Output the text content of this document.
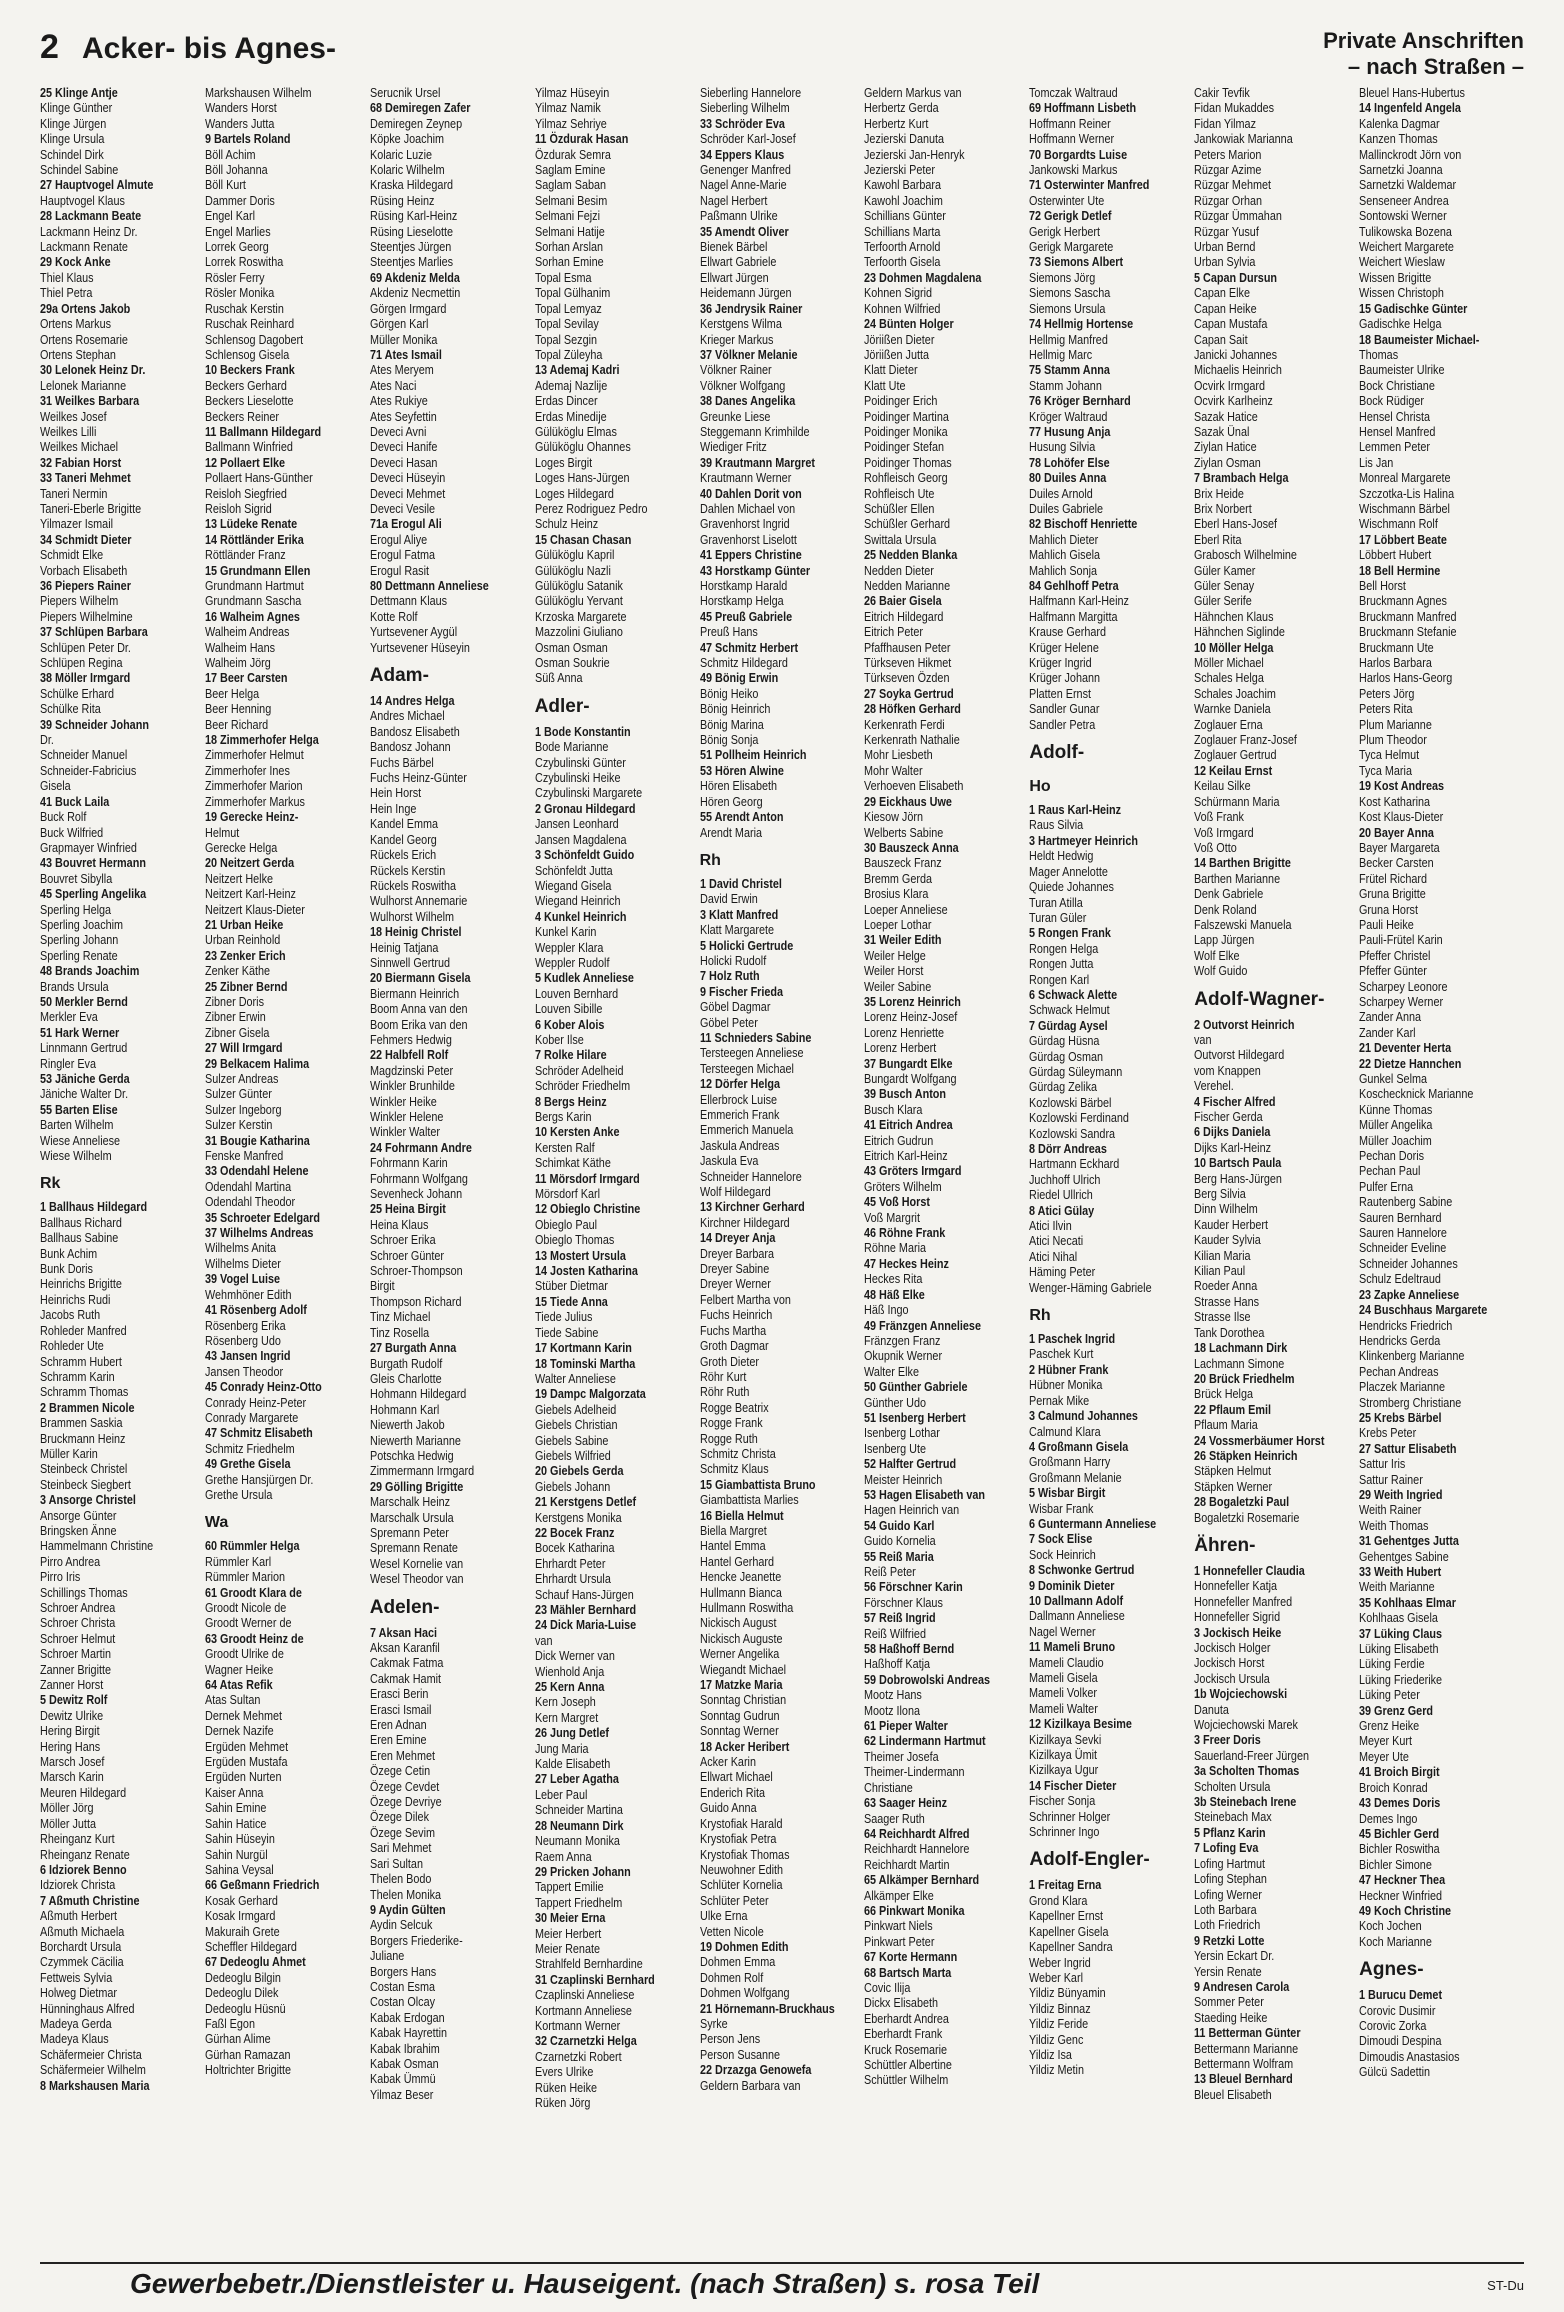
2 Acker- bis Agnes-	Private Anschriften
– nach Straßen –
25 Klinge Antje
Klinge Günther
Klinge Jürgen
Klinge Ursula
Schindel Dirk
Schindel Sabine
27 Hauptvogel Almute
Hauptvogel Klaus
28 Lackmann Beate
Lackmann Heinz Dr.
Lackmann Renate
29 Kock Anke
Thiel Klaus
Thiel Petra
29a Ortens Jakob
Ortens Markus
Ortens Rosemarie
Ortens Stephan
30 Lelonek Heinz Dr.
Lelonek Marianne
31 Weilkes Barbara
Weilkes Josef
Weilkes Lilli
Weilkes Michael
32 Fabian Horst
33 Taneri Mehmet
Taneri Nermin
Taneri-Eberle Brigitte
Yilmazer Ismail
34 Schmidt Dieter
Schmidt Elke
Vorbach Elisabeth
36 Piepers Rainer
Piepers Wilhelm
Piepers Wilhelmine
37 Schlüpen Barbara
Schlüpen Peter Dr.
Schlüpen Regina
38 Möller Irmgard
Schülke Erhard
Schülke Rita
39 Schneider Johann
Dr.
Schneider Manuel
Schneider-Fabricius
Gisela
41 Buck Laila
Buck Rolf
Buck Wilfried
Grapmayer Winfried
43 Bouvret Hermann
Bouvret Sibylla
45 Sperling Angelika
Sperling Helga
Sperling Joachim
Sperling Johann
Sperling Renate
48 Brands Joachim
Brands Ursula
50 Merkler Bernd
Merkler Eva
51 Hark Werner
Linnmann Gertrud
Ringler Eva
53 Jäniche Gerda
Jäniche Walter Dr.
55 Barten Elise
Barten Wilhelm
Wiese Anneliese
Wiese Wilhelm
Rk
1 Ballhaus Hildegard
Ballhaus Richard
Ballhaus Sabine
Bunk Achim
Bunk Doris
Heinrichs Brigitte
Heinrichs Rudi
Jacobs Ruth
Rohleder Manfred
Rohleder Ute
Schramm Hubert
Schramm Karin
Schramm Thomas
2 Brammen Nicole
Brammen Saskia
Bruckmann Heinz
Müller Karin
Steinbeck Christel
Steinbeck Siegbert
3 Ansorge Christel
Ansorge Günter
Bringsken Änne
Hammelmann Christine
Pirro Andrea
Pirro Iris
Schillings Thomas
Schroer Andrea
Schroer Christa
Schroer Helmut
Schroer Martin
Zanner Brigitte
Zanner Horst
5 Dewitz Rolf
Dewitz Ulrike
Hering Birgit
Hering Hans
Marsch Josef
Marsch Karin
Meuren Hildegard
Möller Jörg
Möller Jutta
Rheinganz Kurt
Rheinganz Renate
6 Idziorek Benno
Idziorek Christa
7 Aßmuth Christine
Aßmuth Herbert
Aßmuth Michaela
Borchardt Ursula
Czymmek Cäcilia
Fettweis Sylvia
Holweg Dietmar
Hünninghaus Alfred
Madeya Gerda
Madeya Klaus
Schäfermeier Christa
Schäfermeier Wilhelm
8 Markshausen Maria
Markshausen Wilhelm
Wanders Horst
Wanders Jutta
9 Bartels Roland
Böll Achim
Böll Johanna
Böll Kurt
Dammer Doris
Engel Karl
Engel Marlies
Lorrek Georg
Lorrek Roswitha
Rösler Ferry
Rösler Monika
Ruschak Kerstin
Ruschak Reinhard
Schlensog Dagobert
Schlensog Gisela
10 Beckers Frank
Beckers Gerhard
Beckers Lieselotte
Beckers Reiner
11 Ballmann Hildegard
Ballmann Winfried
12 Pollaert Elke
Pollaert Hans-Günther
Reisloh Siegfried
Reisloh Sigrid
13 Lüdeke Renate
14 Röttländer Erika
Röttländer Franz
15 Grundmann Ellen
Grundmann Hartmut
Grundmann Sascha
16 Walheim Agnes
Walheim Andreas
Walheim Hans
Walheim Jörg
17 Beer Carsten
Beer Helga
Beer Henning
Beer Richard
18 Zimmerhofer Helga
Zimmerhofer Helmut
Zimmerhofer Ines
Zimmerhofer Marion
Zimmerhofer Markus
19 Gerecke Heinz-
Helmut
Gerecke Helga
20 Neitzert Gerda
Neitzert Helke
Neitzert Karl-Heinz
Neitzert Klaus-Dieter
21 Urban Heike
Urban Reinhold
23 Zenker Erich
Zenker Käthe
25 Zibner Bernd
Zibner Doris
Zibner Erwin
Zibner Gisela
27 Will Irmgard
29 Belkacem Halima
Sulzer Andreas
Sulzer Günter
Sulzer Ingeborg
Sulzer Kerstin
31 Bougie Katharina
Fenske Manfred
33 Odendahl Helene
Odendahl Martina
Odendahl Theodor
35 Schroeter Edelgard
37 Wilhelms Andreas
Wilhelms Anita
Wilhelms Dieter
39 Vogel Luise
Wehmhöner Edith
41 Rösenberg Adolf
Rösenberg Erika
Rösenberg Udo
43 Jansen Ingrid
Jansen Theodor
45 Conrady Heinz-Otto
Conrady Heinz-Peter
Conrady Margarete
47 Schmitz Elisabeth
Schmitz Friedhelm
49 Grethe Gisela
Grethe Hansjürgen Dr.
Grethe Ursula
Wa
60 Rümmler Helga
Rümmler Karl
Rümmler Marion
61 Groodt Klara de
Groodt Nicole de
Groodt Werner de
63 Groodt Heinz de
Groodt Ulrike de
Wagner Heike
64 Atas Refik
Atas Sultan
Dernek Mehmet
Dernek Nazife
Ergüden Mehmet
Ergüden Mustafa
Ergüden Nurten
Kaiser Anna
Sahin Emine
Sahin Hatice
Sahin Hüseyin
Sahin Nurgül
Sahina Veysal
66 Geßmann Friedrich
Kosak Gerhard
Kosak Irmgard
Makuraih Grete
Scheffler Hildegard
67 Dedeoglu Ahmet
Dedeoglu Bilgin
Dedeoglu Dilek
Dedeoglu Hüsnü
Faßl Egon
Gürhan Alime
Gürhan Ramazan
Holtrichter Brigitte
Serucnik Ursel
68 Demiregen Zafer
Demiregen Zeynep
Köpke Joachim
Kolaric Luzie
Kolaric Wilhelm
Kraska Hildegard
Rüsing Heinz
Rüsing Karl-Heinz
Rüsing Lieselotte
Steentjes Jürgen
Steentjes Marlies
69 Akdeniz Melda
Akdeniz Necmettin
Görgen Irmgard
Görgen Karl
Müller Monika
71 Ates Ismail
Ates Meryem
Ates Naci
Ates Rukiye
Ates Seyfettin
Deveci Avni
Deveci Hanife
Deveci Hasan
Deveci Hüseyin
Deveci Mehmet
Deveci Vesile
71a Erogul Ali
Erogul Aliye
Erogul Fatma
Erogul Rasit
80 Dettmann Anneliese
Dettmann Klaus
Kotte Rolf
Yurtsevener Aygül
Yurtsevener Hüseyin
Adam-
14 Andres Helga
Andres Michael
Bandosz Elisabeth
Bandosz Johann
Fuchs Bärbel
Fuchs Heinz-Günter
Hein Horst
Hein Inge
Kandel Emma
Kandel Georg
Rückels Erich
Rückels Kerstin
Rückels Roswitha
Wulhorst Annemarie
Wulhorst Wilhelm
18 Heinig Christel
Heinig Tatjana
Sinnwell Gertrud
20 Biermann Gisela
Biermann Heinrich
Boom Anna van den
Boom Erika van den
Fehmers Hedwig
22 Halbfell Rolf
Magdzinski Peter
Winkler Brunhilde
Winkler Heike
Winkler Helene
Winkler Walter
24 Fohrmann Andre
Fohrmann Karin
Fohrmann Wolfgang
Sevenheck Johann
25 Heina Birgit
Heina Klaus
Schroer Erika
Schroer Günter
Schroer-Thompson
Birgit
Thompson Richard
Tinz Michael
Tinz Rosella
27 Burgath Anna
Burgath Rudolf
Gleis Charlotte
Hohmann Hildegard
Hohmann Karl
Niewerth Jakob
Niewerth Marianne
Potschka Hedwig
Zimmermann Irmgard
29 Gölling Brigitte
Marschalk Heinz
Marschalk Ursula
Spremann Peter
Spremann Renate
Wesel Kornelie van
Wesel Theodor van
Adelen-
7 Aksan Haci
Aksan Karanfil
Cakmak Fatma
Cakmak Hamit
Erasci Berin
Erasci Ismail
Eren Adnan
Eren Emine
Eren Mehmet
Özege Cetin
Özege Cevdet
Özege Devriye
Özege Dilek
Özege Sevim
Sari Mehmet
Sari Sultan
Thelen Bodo
Thelen Monika
9 Aydin Gülten
Aydin Selcuk
Borgers Friederike-
Juliane
Borgers Hans
Costan Esma
Costan Olcay
Kabak Erdogan
Kabak Hayrettin
Kabak Ibrahim
Kabak Osman
Kabak Ümmü
Yilmaz Beser
Yilmaz Hüseyin
Yilmaz Namik
Yilmaz Sehriye
11 Özdurak Hasan
Özdurak Semra
Saglam Emine
Saglam Saban
Selmani Besim
Selmani Fejzi
Selmani Hatije
Sorhan Arslan
Sorhan Emine
Topal Esma
Topal Gülhanim
Topal Lemyaz
Topal Sevilay
Topal Sezgin
Topal Züleyha
13 Ademaj Kadri
Ademaj Nazlije
Erdas Dincer
Erdas Minedije
Gülüköglu Elmas
Gülüköglu Ohannes
Loges Birgit
Loges Hans-Jürgen
Loges Hildegard
Perez Rodriguez Pedro
Schulz Heinz
15 Chasan Chasan
Gülüköglu Kapril
Gülüköglu Nazli
Gülüköglu Satanik
Gülüköglu Yervant
Krzoska Margarete
Mazzolini Giuliano
Osman Osman
Osman Soukrie
Süß Anna
Adler-
1 Bode Konstantin
Bode Marianne
Czybulinski Günter
Czybulinski Heike
Czybulinski Margarete
2 Gronau Hildegard
Jansen Leonhard
Jansen Magdalena
3 Schönfeldt Guido
Schönfeldt Jutta
Wiegand Gisela
Wiegand Heinrich
4 Kunkel Heinrich
Kunkel Karin
Weppler Klara
Weppler Rudolf
5 Kudlek Anneliese
Louven Bernhard
Louven Sibille
6 Kober Alois
Kober Ilse
7 Rolke Hilare
Schröder Adelheid
Schröder Friedhelm
8 Bergs Heinz
Bergs Karin
10 Kersten Anke
Kersten Ralf
Schimkat Käthe
11 Mörsdorf Irmgard
Mörsdorf Karl
12 Obieglo Christine
Obieglo Paul
Obieglo Thomas
13 Mostert Ursula
14 Josten Katharina
Stüber Dietmar
15 Tiede Anna
Tiede Julius
Tiede Sabine
17 Kortmann Karin
18 Tominski Martha
Walter Anneliese
19 Dampc Malgorzata
Giebels Adelheid
Giebels Christian
Giebels Sabine
Giebels Wilfried
20 Giebels Gerda
Giebels Johann
21 Kerstgens Detlef
Kerstgens Monika
22 Bocek Franz
Bocek Katharina
Ehrhardt Peter
Ehrhardt Ursula
Schauf Hans-Jürgen
23 Mähler Bernhard
24 Dick Maria-Luise
van
Dick Werner van
Wienhold Anja
25 Kern Anna
Kern Joseph
Kern Margret
26 Jung Detlef
Jung Maria
Kalde Elisabeth
27 Leber Agatha
Leber Paul
Schneider Martina
28 Neumann Dirk
Neumann Monika
Raem Anna
29 Pricken Johann
Tappert Emilie
Tappert Friedhelm
30 Meier Erna
Meier Herbert
Meier Renate
Strahlfeld Bernhardine
31 Czaplinski Bernhard
Czaplinski Anneliese
Kortmann Anneliese
Kortmann Werner
32 Czarnetzki Helga
Czarnetzki Robert
Evers Ulrike
Rüken Heike
Rüken Jörg
Sieberling Hannelore
Sieberling Wilhelm
33 Schröder Eva
Schröder Karl-Josef
34 Eppers Klaus
Genenger Manfred
Nagel Anne-Marie
Nagel Herbert
Paßmann Ulrike
35 Amendt Oliver
Bienek Bärbel
Ellwart Gabriele
Ellwart Jürgen
Heidemann Jürgen
36 Jendrysik Rainer
Kerstgens Wilma
Krieger Markus
37 Völkner Melanie
Völkner Rainer
Völkner Wolfgang
38 Danes Angelika
Greunke Liese
Steggemann Krimhilde
Wiediger Fritz
39 Krautmann Margret
Krautmann Werner
40 Dahlen Dorit von
Dahlen Michael von
Gravenhorst Ingrid
Gravenhorst Liselott
41 Eppers Christine
43 Horstkamp Günter
Horstkamp Harald
Horstkamp Helga
45 Preuß Gabriele
Preuß Hans
47 Schmitz Herbert
Schmitz Hildegard
49 Bönig Erwin
Bönig Heiko
Bönig Heinrich
Bönig Marina
Bönig Sonja
51 Pollheim Heinrich
53 Hören Alwine
Hören Elisabeth
Hören Georg
55 Arendt Anton
Arendt Maria
Rh
1 David Christel
David Erwin
3 Klatt Manfred
Klatt Margarete
5 Holicki Gertrude
Holicki Rudolf
7 Holz Ruth
9 Fischer Frieda
Göbel Dagmar
Göbel Peter
11 Schnieders Sabine
Tersteegen Anneliese
Tersteegen Michael
12 Dörfer Helga
Ellerbrock Luise
Emmerich Frank
Emmerich Manuela
Jaskula Andreas
Jaskula Eva
Schneider Hannelore
Wolf Hildegard
13 Kirchner Gerhard
Kirchner Hildegard
14 Dreyer Anja
Dreyer Barbara
Dreyer Sabine
Dreyer Werner
Felbert Martha von
Fuchs Heinrich
Fuchs Martha
Groth Dagmar
Groth Dieter
Röhr Kurt
Röhr Ruth
Rogge Beatrix
Rogge Frank
Rogge Ruth
Schmitz Christa
Schmitz Klaus
15 Giambattista Bruno
Giambattista Marlies
16 Biella Helmut
Biella Margret
Hantel Emma
Hantel Gerhard
Hencke Jeanette
Hullmann Bianca
Hullmann Roswitha
Nickisch August
Nickisch Auguste
Werner Angelika
Wiegandt Michael
17 Matzke Maria
Sonntag Christian
Sonntag Gudrun
Sonntag Werner
18 Acker Heribert
Acker Karin
Ellwart Michael
Enderich Rita
Guido Anna
Krystofiak Harald
Krystofiak Petra
Krystofiak Thomas
Neuwohner Edith
Schlüter Kornelia
Schlüter Peter
Ulke Erna
Vetten Nicole
19 Dohmen Edith
Dohmen Emma
Dohmen Rolf
Dohmen Wolfgang
21 Hörnemann-Bruckhaus
Syrke
Person Jens
Person Susanne
22 Drzazga Genowefa
Geldern Barbara van
Geldern Markus van
Herbertz Gerda
Herbertz Kurt
Jezierski Danuta
Jezierski Jan-Henryk
Jezierski Peter
Kawohl Barbara
Kawohl Joachim
Schillians Günter
Schillians Marta
Terfoorth Arnold
Terfoorth Gisela
23 Dohmen Magdalena
Kohnen Sigrid
Kohnen Wilfried
24 Bünten Holger
Jöriißen Dieter
Jöriißen Jutta
Klatt Dieter
Klatt Ute
Poidinger Erich
Poidinger Martina
Poidinger Monika
Poidinger Stefan
Poidinger Thomas
Rohfleisch Georg
Rohfleisch Ute
Schüßler Ellen
Schüßler Gerhard
Swittala Ursula
25 Nedden Blanka
Nedden Dieter
Nedden Marianne
26 Baier Gisela
Eitrich Hildegard
Eitrich Peter
Pfaffhausen Peter
Türkseven Hikmet
Türkseven Özden
27 Soyka Gertrud
28 Höfken Gerhard
Kerkenrath Ferdi
Kerkenrath Nathalie
Mohr Liesbeth
Mohr Walter
Verhoeven Elisabeth
29 Eickhaus Uwe
Kiesow Jörn
Welberts Sabine
30 Bauszeck Anna
Bauszeck Franz
Bremm Gerda
Brosius Klara
Loeper Anneliese
Loeper Lothar
31 Weiler Edith
Weiler Helge
Weiler Horst
Weiler Sabine
35 Lorenz Heinrich
Lorenz Heinz-Josef
Lorenz Henriette
Lorenz Herbert
37 Bungardt Elke
Bungardt Wolfgang
39 Busch Anton
Busch Klara
41 Eitrich Andrea
Eitrich Gudrun
Eitrich Karl-Heinz
43 Gröters Irmgard
Gröters Wilhelm
45 Voß Horst
Voß Margrit
46 Röhne Frank
Röhne Maria
47 Heckes Heinz
Heckes Rita
48 Häß Elke
Häß Ingo
49 Fränzgen Anneliese
Fränzgen Franz
Okupnik Werner
Walter Elke
50 Günther Gabriele
Günther Udo
51 Isenberg Herbert
Isenberg Lothar
Isenberg Ute
52 Halfter Gertrud
Meister Heinrich
53 Hagen Elisabeth van
Hagen Heinrich van
54 Guido Karl
Guido Kornelia
55 Reiß Maria
Reiß Peter
56 Förschner Karin
Förschner Klaus
57 Reiß Ingrid
Reiß Wilfried
58 Haßhoff Bernd
Haßhoff Katja
59 Dobrowolski Andreas
Mootz Hans
Mootz Ilona
61 Pieper Walter
62 Lindermann Hartmut
Theimer Josefa
Theimer-Lindermann
Christiane
63 Saager Heinz
Saager Ruth
64 Reichhardt Alfred
Reichhardt Hannelore
Reichhardt Martin
65 Alkämper Bernhard
Alkämper Elke
66 Pinkwart Monika
Pinkwart Niels
Pinkwart Peter
67 Korte Hermann
68 Bartsch Marta
Covic Ilija
Dickx Elisabeth
Eberhardt Andrea
Eberhardt Frank
Kruck Rosemarie
Schüttler Albertine
Schüttler Wilhelm
Tomczak Waltraud
69 Hoffmann Lisbeth
Hoffmann Reiner
Hoffmann Werner
70 Borgardts Luise
Jankowski Markus
71 Osterwinter Manfred
Osterwinter Ute
72 Gerigk Detlef
Gerigk Herbert
Gerigk Margarete
73 Siemons Albert
Siemons Jörg
Siemons Sascha
Siemons Ursula
74 Hellmig Hortense
Hellmig Manfred
Hellmig Marc
75 Stamm Anna
Stamm Johann
76 Kröger Bernhard
Kröger Waltraud
77 Husung Anja
Husung Silvia
78 Lohöfer Else
80 Duiles Anna
Duiles Arnold
Duiles Gabriele
82 Bischoff Henriette
Mahlich Dieter
Mahlich Gisela
Mahlich Sonja
84 Gehlhoff Petra
Halfmann Karl-Heinz
Halfmann Margitta
Krause Gerhard
Krüger Helene
Krüger Ingrid
Krüger Johann
Platten Ernst
Sandler Gunar
Sandler Petra
Adolf-
Ho
1 Raus Karl-Heinz
Raus Silvia
3 Hartmeyer Heinrich
Heldt Hedwig
Mager Annelotte
Quiede Johannes
Turan Atilla
Turan Güler
5 Rongen Frank
Rongen Helga
Rongen Jutta
Rongen Karl
6 Schwack Alette
Schwack Helmut
7 Gürdag Aysel
Gürdag Hüsna
Gürdag Osman
Gürdag Süleymann
Gürdag Zelika
Kozlowski Bärbel
Kozlowski Ferdinand
Kozlowski Sandra
8 Dörr Andreas
Hartmann Eckhard
Juchhoff Ulrich
Riedel Ullrich
8 Atici Gülay
Atici Ilvin
Atici Necati
Atici Nihal
Häming Peter
Wenger-Häming Gabriele
Rh
1 Paschek Ingrid
Paschek Kurt
2 Hübner Frank
Hübner Monika
Pernak Mike
3 Calmund Johannes
Calmund Klara
4 Großmann Gisela
Großmann Harry
Großmann Melanie
5 Wisbar Birgit
Wisbar Frank
6 Guntermann Anneliese
7 Sock Elise
Sock Heinrich
8 Schwonke Gertrud
9 Dominik Dieter
10 Dallmann Adolf
Dallmann Anneliese
Nagel Werner
11 Mameli Bruno
Mameli Claudio
Mameli Gisela
Mameli Volker
Mameli Walter
12 Kizilkaya Besime
Kizilkaya Sevki
Kizilkaya Ümit
Kizilkaya Ugur
14 Fischer Dieter
Fischer Sonja
Schrinner Holger
Schrinner Ingo
Adolf-Engler-
1 Freitag Erna
Grond Klara
Kapellner Ernst
Kapellner Gisela
Kapellner Sandra
Weber Ingrid
Weber Karl
Yildiz Bünyamin
Yildiz Binnaz
Yildiz Feride
Yildiz Genc
Yildiz Isa
Yildiz Metin
Cakir Tevfik
Fidan Mukaddes
Fidan Yilmaz
Jankowiak Marianna
Peters Marion
Rüzgar Azime
Rüzgar Mehmet
Rüzgar Orhan
Rüzgar Ümmahan
Rüzgar Yusuf
Urban Bernd
Urban Sylvia
5 Capan Dursun
Capan Elke
Capan Heike
Capan Mustafa
Capan Sait
Janicki Johannes
Michaelis Heinrich
Ocvirk Irmgard
Ocvirk Karlheinz
Sazak Hatice
Sazak Ünal
Ziylan Hatice
Ziylan Osman
7 Brambach Helga
Brix Heide
Brix Norbert
Eberl Hans-Josef
Eberl Rita
Grabosch Wilhelmine
Güler Kamer
Güler Senay
Güler Serife
Hähnchen Klaus
Hähnchen Siglinde
10 Möller Helga
Möller Michael
Schales Helga
Schales Joachim
Warnke Daniela
Zoglauer Erna
Zoglauer Franz-Josef
Zoglauer Gertrud
12 Keilau Ernst
Keilau Silke
Schürmann Maria
Voß Frank
Voß Irmgard
Voß Otto
14 Barthen Brigitte
Barthen Marianne
Denk Gabriele
Denk Roland
Falszewski Manuela
Lapp Jürgen
Wolf Elke
Wolf Guido
Adolf-Wagner-
2 Outvorst Heinrich
van
Outvorst Hildegard
vom Knappen
Verehel.
4 Fischer Alfred
Fischer Gerda
6 Dijks Daniela
Dijks Karl-Heinz
10 Bartsch Paula
Berg Hans-Jürgen
Berg Silvia
Dinn Wilhelm
Kauder Herbert
Kauder Sylvia
Kilian Maria
Kilian Paul
Roeder Anna
Strasse Hans
Strasse Ilse
Tank Dorothea
18 Lachmann Dirk
Lachmann Simone
20 Brück Friedhelm
Brück Helga
22 Pflaum Emil
Pflaum Maria
24 Vossmerbäumer Horst
26 Stäpken Heinrich
Stäpken Helmut
Stäpken Werner
28 Bogaletzki Paul
Bogaletzki Rosemarie
Ähren-
1 Honnefeller Claudia
Honnefeller Katja
Honnefeller Manfred
Honnefeller Sigrid
3 Jockisch Heike
Jockisch Holger
Jockisch Horst
Jockisch Ursula
1b Wojciechowski
Danuta
Wojciechowski Marek
3 Freer Doris
Sauerland-Freer Jürgen
3a Scholten Thomas
Scholten Ursula
3b Steinebach Irene
Steinebach Max
5 Pflanz Karin
7 Lofing Eva
Lofing Hartmut
Lofing Stephan
Lofing Werner
Loth Barbara
Loth Friedrich
9 Retzki Lotte
Yersin Eckart Dr.
Yersin Renate
9 Andresen Carola
Sommer Peter
Staeding Heike
11 Betterman Günter
Bettermann Marianne
Bettermann Wolfram
13 Bleuel Bernhard
Bleuel Elisabeth
Bleuel Hans-Hubertus
14 Ingenfeld Angela
Kalenka Dagmar
Kanzen Thomas
Mallinckrodt Jörn von
Sarnetzki Joanna
Sarnetzki Waldemar
Senseneer Andrea
Sontowski Werner
Tulikowska Bozena
Weichert Margarete
Weichert Wieslaw
Wissen Brigitte
Wissen Christoph
15 Gadischke Günter
Gadischke Helga
18 Baumeister Michael-
Thomas
Baumeister Ulrike
Bock Christiane
Bock Rüdiger
Hensel Christa
Hensel Manfred
Lemmen Peter
Lis Jan
Monreal Margarete
Szczotka-Lis Halina
Wischmann Bärbel
Wischmann Rolf
17 Löbbert Beate
Löbbert Hubert
18 Bell Hermine
Bell Horst
Bruckmann Agnes
Bruckmann Manfred
Bruckmann Stefanie
Bruckmann Ute
Harlos Barbara
Harlos Hans-Georg
Peters Jörg
Peters Rita
Plum Marianne
Plum Theodor
Tyca Helmut
Tyca Maria
19 Kost Andreas
Kost Katharina
Kost Klaus-Dieter
20 Bayer Anna
Bayer Margareta
Becker Carsten
Frütel Richard
Gruna Brigitte
Gruna Horst
Pauli Heike
Pauli-Frütel Karin
Pfeffer Christel
Pfeffer Günter
Scharpey Leonore
Scharpey Werner
Zander Anna
Zander Karl
21 Deventer Herta
22 Dietze Hannchen
Gunkel Selma
Koschecknick Marianne
Künne Thomas
Müller Angelika
Müller Joachim
Pechan Doris
Pechan Paul
Pulfer Erna
Rautenberg Sabine
Sauren Bernhard
Sauren Hannelore
Schneider Eveline
Schneider Johannes
Schulz Edeltraud
23 Zapke Anneliese
24 Buschhaus Margarete
Hendricks Friedrich
Hendricks Gerda
Klinkenberg Marianne
Pechan Andreas
Placzek Marianne
Stromberg Christiane
25 Krebs Bärbel
Krebs Peter
27 Sattur Elisabeth
Sattur Iris
Sattur Rainer
29 Weith Ingried
Weith Rainer
Weith Thomas
31 Gehentges Jutta
Gehentges Sabine
33 Weith Hubert
Weith Marianne
35 Kohlhaas Elmar
Kohlhaas Gisela
37 Lüking Claus
Lüking Elisabeth
Lüking Ferdie
Lüking Friederike
Lüking Peter
39 Grenz Gerd
Grenz Heike
Meyer Kurt
Meyer Ute
41 Broich Birgit
Broich Konrad
43 Demes Doris
Demes Ingo
45 Bichler Gerd
Bichler Roswitha
Bichler Simone
47 Heckner Thea
Heckner Winfried
49 Koch Christine
Koch Jochen
Koch Marianne
Agnes-
1 Burucu Demet
Corovic Dusimir
Corovic Zorka
Dimoudi Despina
Dimoudis Anastasios
Gülcü Sadettin
Gewerbebetr./Dienstleister u. Hauseigent. (nach Straßen) s. rosa Teil	ST-Du
